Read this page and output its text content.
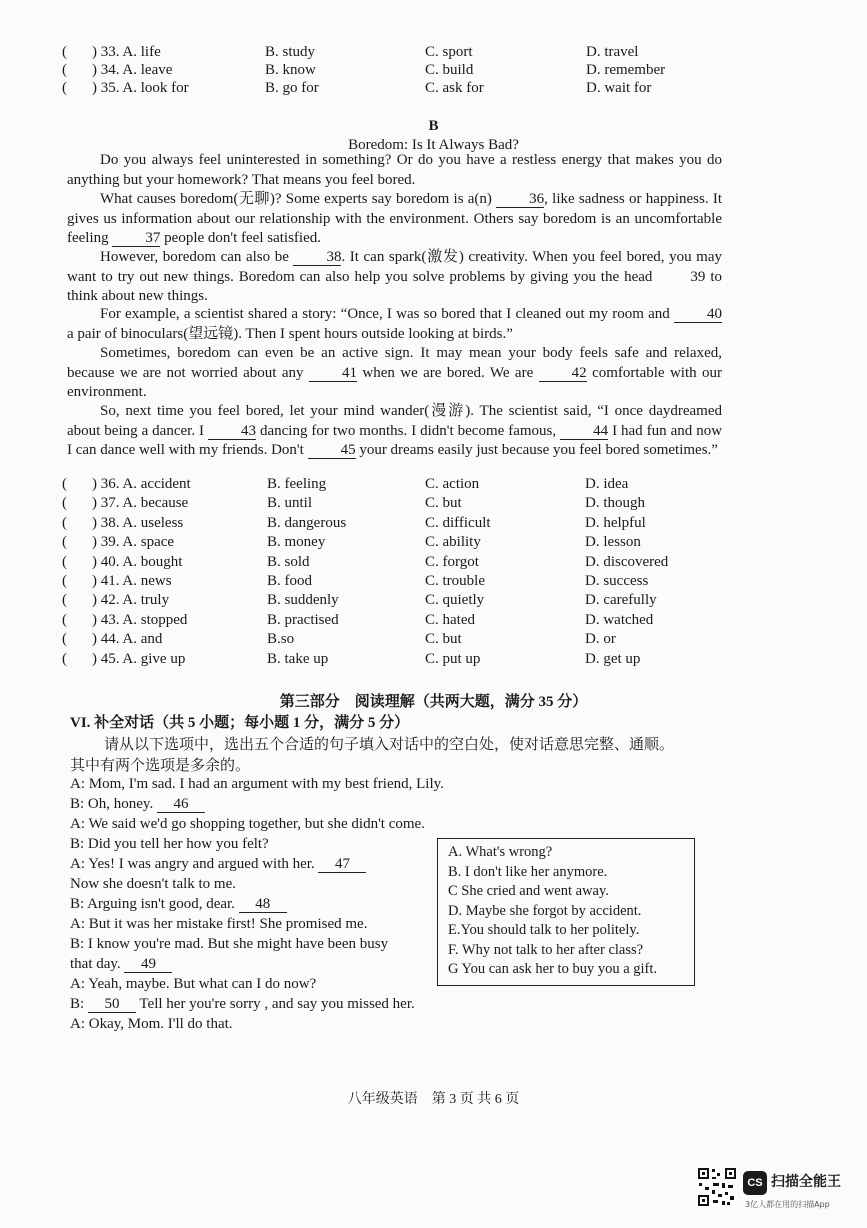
( ) 33. A. life	B. study	C. sport	D. travel
( ) 34. A. leave	B. know	C. build	D. remember
( ) 35. A. look for	B. go for	C. ask for	D. wait for
B
Boredom: Is It Always Bad?

Do you always feel uninterested in something? Or do you have a restless energy that makes you do anything but your homework? That means you feel bored.

What causes boredom(无聊)? Some experts say boredom is a(n) 36, like sadness or happiness. It gives us information about our relationship with the environment. Others say boredom is an uncomfortable feeling 37 people don't feel satisfied.

However, boredom can also be	38. It can spark(激发) creativity. When you feel bored, you may want to try out new things. Boredom can also help you solve problems by giving you the head	39 to think about new things.

For example, a scientist shared a story: “Once, I was so bored that I cleaned out my room and 40 a pair of binoculars(望远镜). Then I spent hours outside looking at birds.”

Sometimes, boredom can even be an active sign. It may mean your body feels safe and relaxed, because we are not worried about any	41 when we are bored. We are	42 comfortable with our environment.

So, next time you feel bored, let your mind wander(漫游). The scientist said, “I once daydreamed about being a dancer. I 43 dancing for two months. I didn't become famous, 44 I had fun and now I can dance well with my friends. Don't 45 your dreams easily just because you feel bored sometimes.”

( ) 36. A. accident	B. feeling	C. action	D. idea
( ) 37. A. because	B. until	C. but	D. though
( ) 38. A. useless	B. dangerous	C. difficult	D. helpful
( ) 39. A. space	B. money	C. ability	D. lesson
( ) 40. A. bought	B. sold	C. forgot	D. discovered
( ) 41. A. news	B. food	C. trouble	D. success
( ) 42. A. truly	B. suddenly	C. quietly	D. carefully
( ) 43. A. stopped	B. practised	C. hated	D. watched
( ) 44. A. and	B.so	C. but	D. or
( ) 45. A. give up	B. take up	C. put up	D. get up
第三部分　阅读理解（共两大题，满分 35 分）
VI. 补全对话（共 5 小题；每小题 1 分，满分 5 分）
请从以下选项中，选出五个合适的句子填入对话中的空白处，使对话意思完整、通顺。
其中有两个选项是多余的。
A: Mom, I'm sad. I had an argument with my best friend, Lily.
B: Oh, honey. 46
A: We said we'd go shopping together, but she didn't come.
B: Did you tell her how you felt?
A: Yes! I was angry and argued with her. 47
Now she doesn't talk to me.
B: Arguing isn't good, dear. 48
A: But it was her mistake first! She promised me.
B: I know you're mad. But she might have been busy
that day. 49
A: Yeah, maybe. But what can I do now?
B: 50 Tell her you're sorry , and say you missed her.
A: Okay, Mom. I'll do that.
A. What's wrong?
B. I don't like her anymore.
C She cried and went away.
D. Maybe she forgot by accident.
E.You should talk to her politely.
F. Why not talk to her after class?
G You can ask her to buy you a gift.
八年级英语　第 3 页 共 6 页
CS 扫描全能王
3亿人都在用的扫描App
